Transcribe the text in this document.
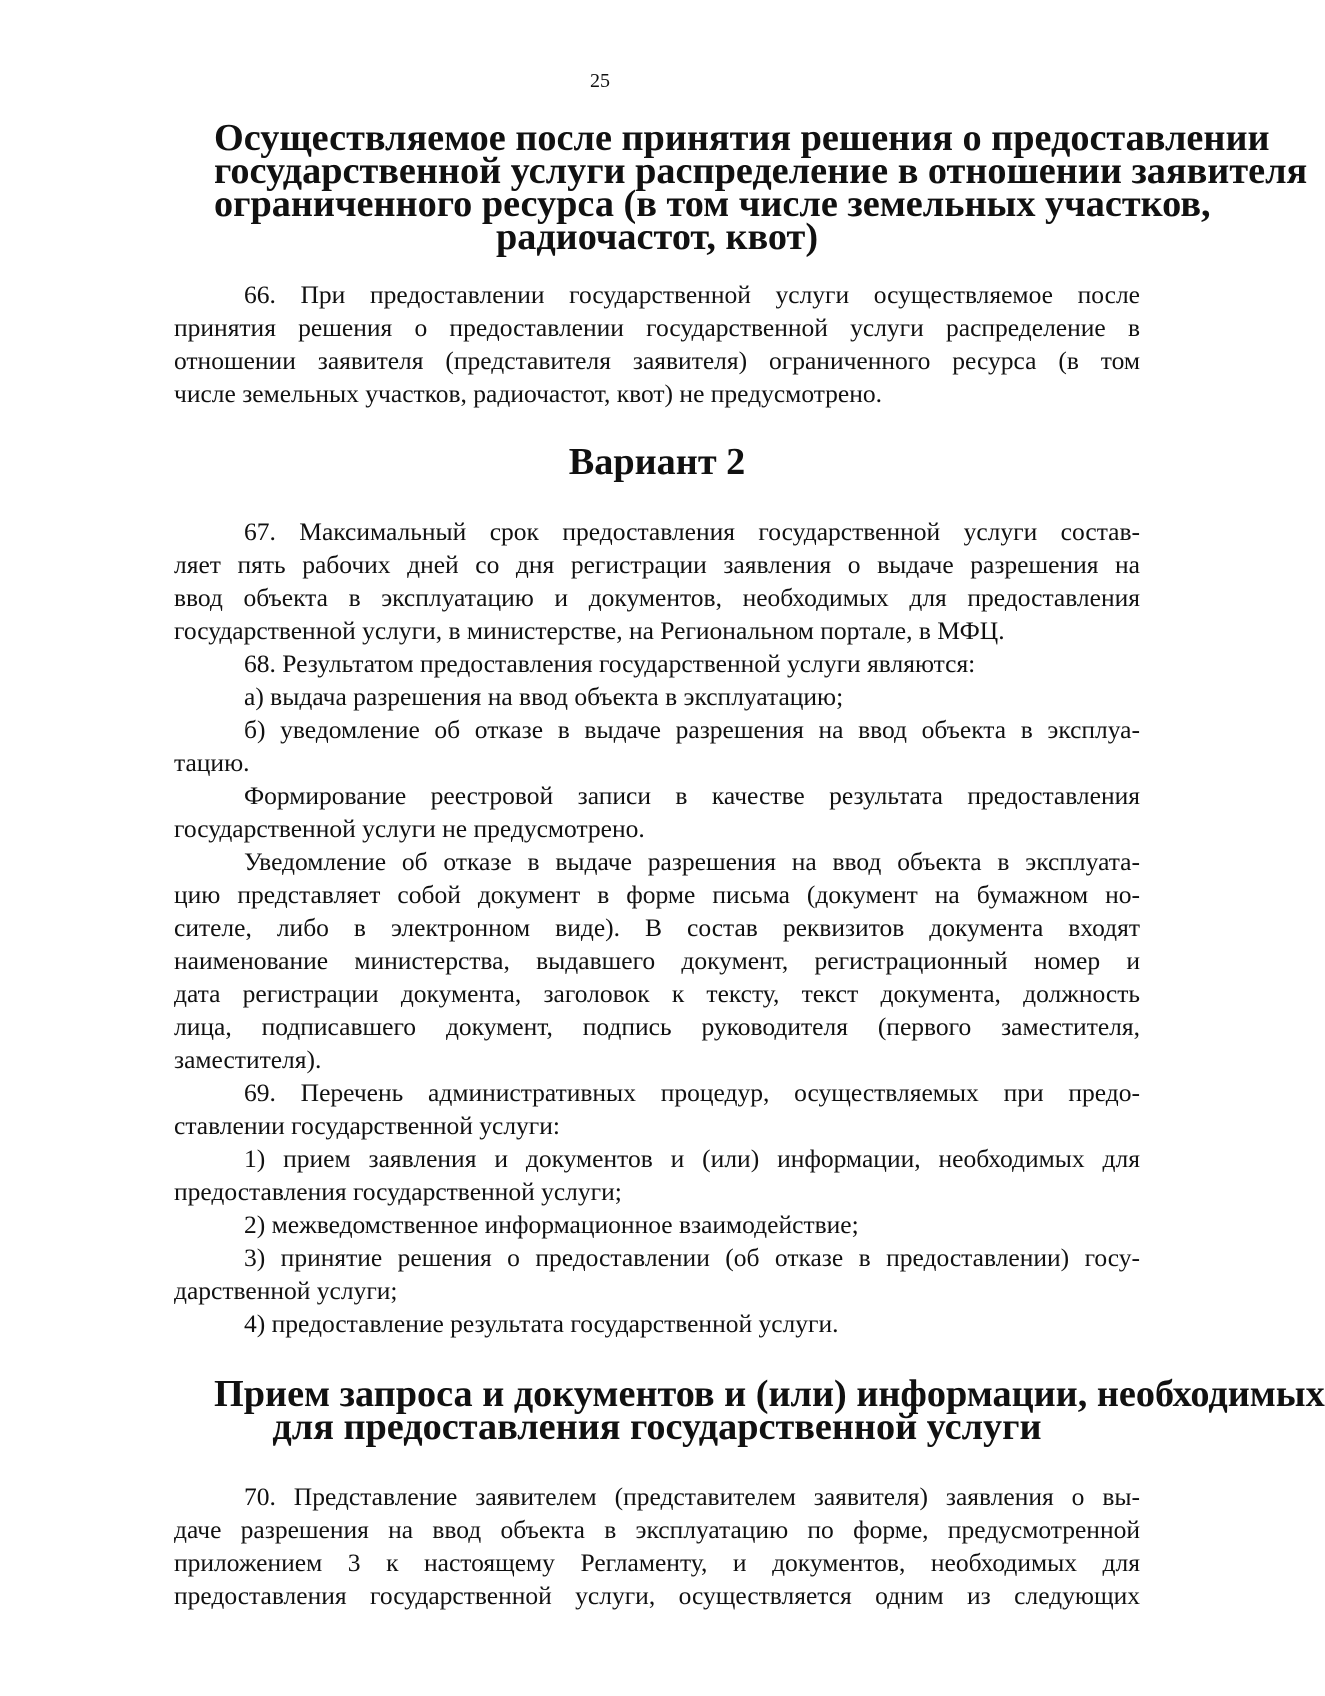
25
Осуществляемое после принятия решения о предоставлении
государственной услуги распределение в отношении заявителя
ограниченного ресурса (в том числе земельных участков,
радиочастот, квот)

66. При предоставлении государственной услуги осуществляемое после
принятия решения о предоставлении государственной услуги распределение в
отношении заявителя (представителя заявителя) ограниченного ресурса (в том
числе земельных участков, радиочастот, квот) не предусмотрено.

Вариант 2

67. Максимальный срок предоставления государственной услуги состав-
ляет пять рабочих дней со дня регистрации заявления о выдаче разрешения на
ввод объекта в эксплуатацию и документов, необходимых для предоставления
государственной услуги, в министерстве, на Региональном портале, в МФЦ.

68. Результатом предоставления государственной услуги являются:

а) выдача разрешения на ввод объекта в эксплуатацию;

б) уведомление об отказе в выдаче разрешения на ввод объекта в эксплуа-
тацию.

Формирование реестровой записи в качестве результата предоставления
государственной услуги не предусмотрено.

Уведомление об отказе в выдаче разрешения на ввод объекта в эксплуата-
цию представляет собой документ в форме письма (документ на бумажном но-
сителе, либо в электронном виде). В состав реквизитов документа входят
наименование министерства, выдавшего документ, регистрационный номер и
дата регистрации документа, заголовок к тексту, текст документа, должность
лица, подписавшего документ, подпись руководителя (первого заместителя,
заместителя).

69. Перечень административных процедур, осуществляемых при предо-
ставлении государственной услуги:

1) прием заявления и документов и (или) информации, необходимых для
предоставления государственной услуги;

2) межведомственное информационное взаимодействие;

3) принятие решения о предоставлении (об отказе в предоставлении) госу-
дарственной услуги;

4) предоставление результата государственной услуги.

Прием запроса и документов и (или) информации, необходимых
для предоставления государственной услуги

70. Представление заявителем (представителем заявителя) заявления о вы-
даче разрешения на ввод объекта в эксплуатацию по форме, предусмотренной
приложением 3 к настоящему Регламенту, и документов, необходимых для
предоставления государственной услуги, осуществляется одним из следующих
